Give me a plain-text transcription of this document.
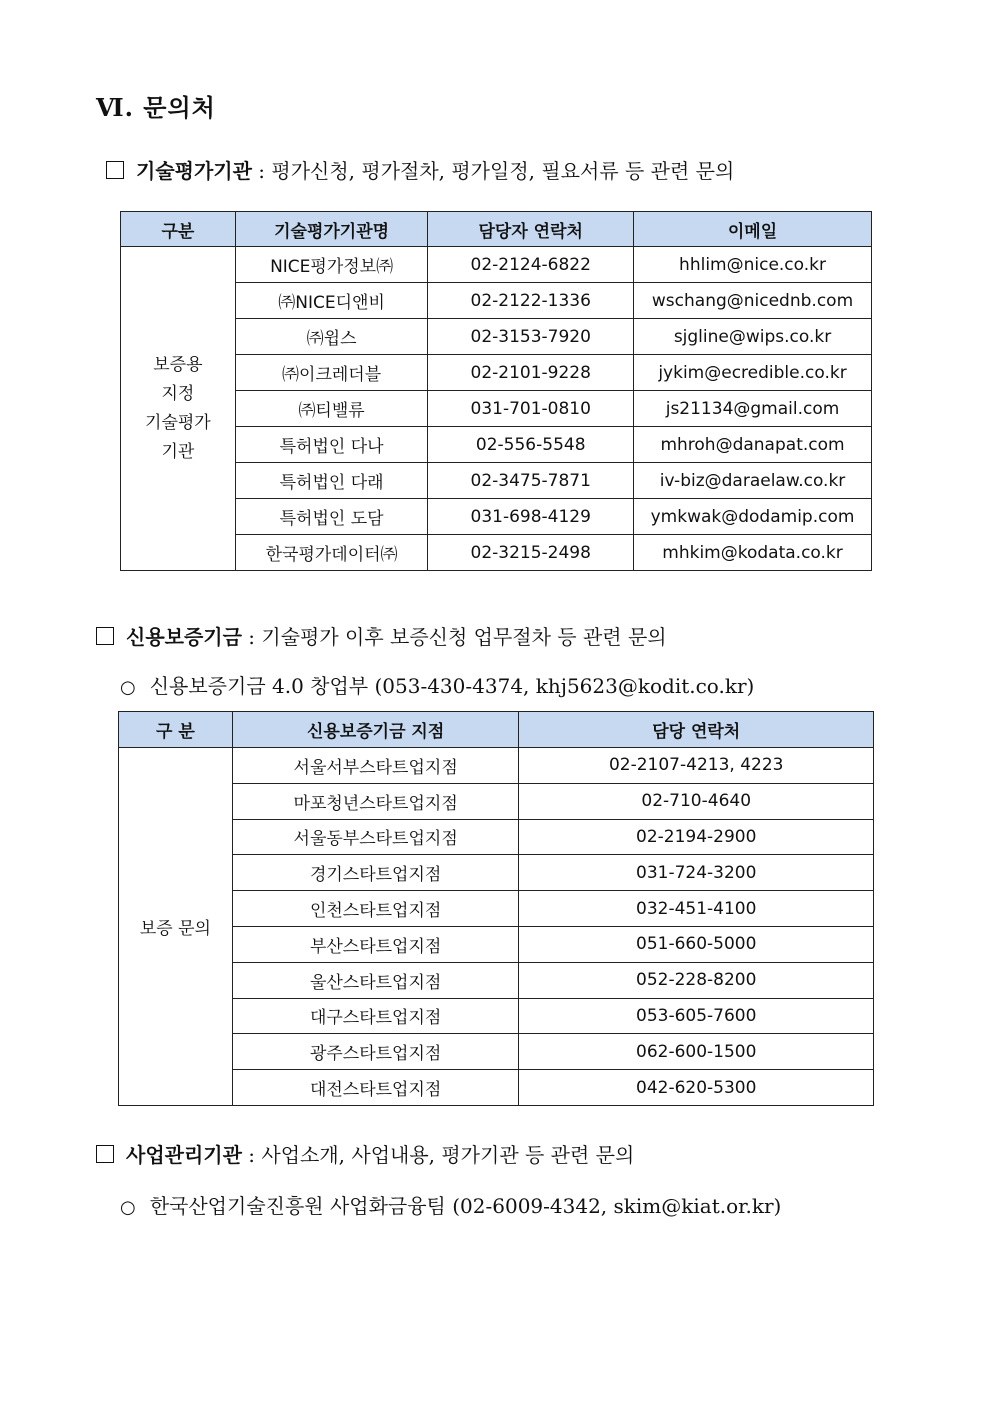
Ⅵ. 문의처
기술평가기관 : 평가신청, 평가절차, 평가일정, 필요서류 등 관련 문의
구분	기술평가기관명	담당자 연락처	이메일

보증용
지정
기술평가
기관	NICE평가정보㈜	02-2124-6822	hhlim@nice.co.kr
	㈜NICE디앤비	02-2122-1336	wschang@nicednb.com
	㈜윕스	02-3153-7920	sjgline@wips.co.kr
	㈜이크레더블	02-2101-9228	jykim@ecredible.co.kr
	㈜티밸류	031-701-0810	js21134@gmail.com
	특허법인 다나	02-556-5548	mhroh@danapat.com
	특허법인 다래	02-3475-7871	iv-biz@daraelaw.co.kr
	특허법인 도담	031-698-4129	ymkwak@dodamip.com
	한국평가데이터㈜	02-3215-2498	mhkim@kodata.co.kr
신용보증기금 : 기술평가 이후 보증신청 업무절차 등 관련 문의
○ 신용보증기금 4.0 창업부 (053-430-4374, khj5623@kodit.co.kr)
구 분	신용보증기금 지점	담당 연락처
보증 문의	서울서부스타트업지점	02-2107-4213, 4223
	마포청년스타트업지점	02-710-4640
	서울동부스타트업지점	02-2194-2900
	경기스타트업지점	031-724-3200
	인천스타트업지점	032-451-4100
	부산스타트업지점	051-660-5000
	울산스타트업지점	052-228-8200
	대구스타트업지점	053-605-7600
	광주스타트업지점	062-600-1500
	대전스타트업지점	042-620-5300
사업관리기관 : 사업소개, 사업내용, 평가기관 등 관련 문의
○ 한국산업기술진흥원 사업화금융팀 (02-6009-4342, skim@kiat.or.kr)
